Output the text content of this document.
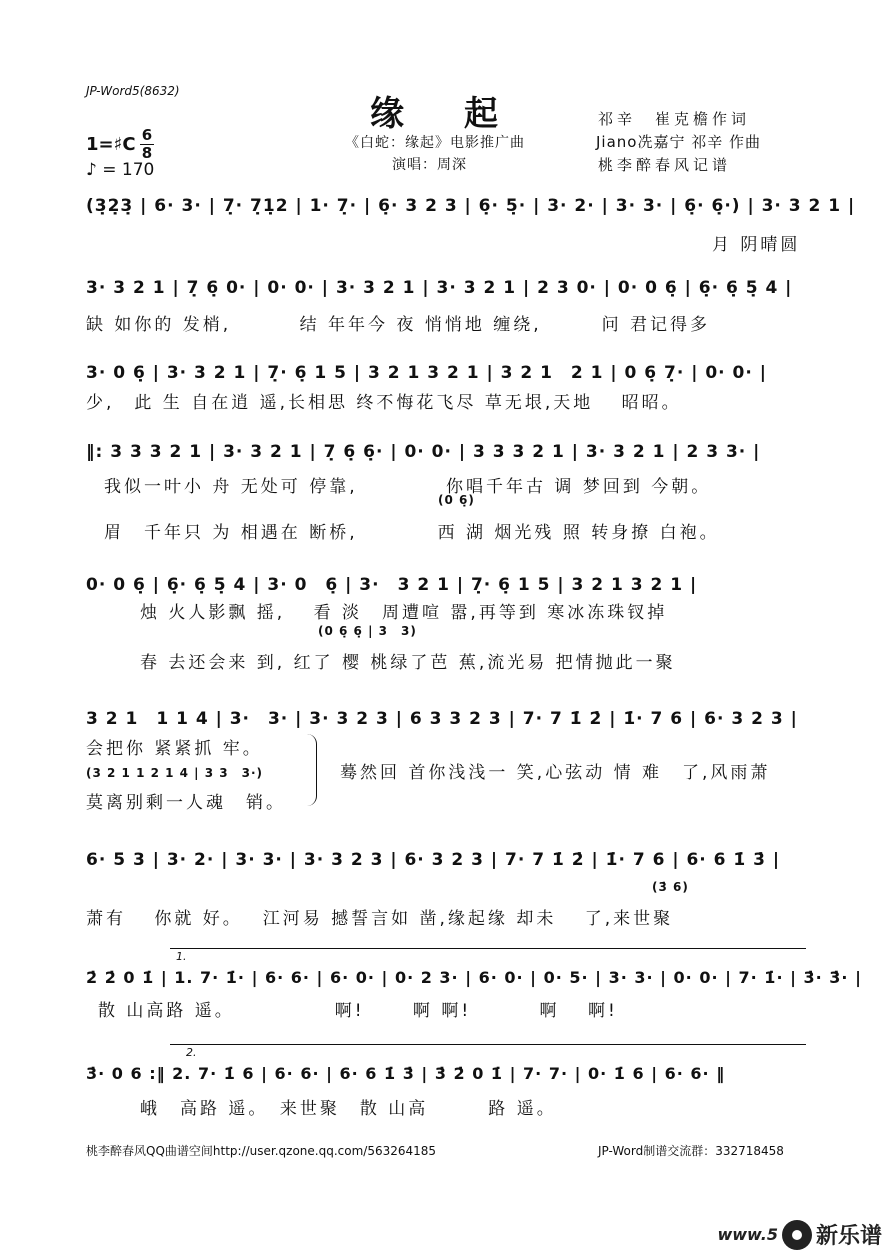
JP-Word5(8632)
缘起
《白蛇：缘起》电影推广曲
演唱：周深
祁辛　崔克檐作词
Jiano冼嘉宁 祁辛 作曲
桃李醉春风记谱
1=♯C 6
8
♪ = 170
(3̣2̣3̣ | 6· 3· | 7̣· 7̣1̣2 | 1· 7̣· | 6̣· 3 2 3 | 6̣· 5̣· | 3· 2· | 3· 3· | 6̣· 6̣·) | 3· 3 2 1 |
月 阴晴圆
3· 3 2 1 | 7̣ 6̣ 0· | 0· 0· | 3· 3 2 1 | 3· 3 2 1 | 2 3 0· | 0· 0 6̣ | 6̣· 6̣ 5̣ 4 |
缺 如你的 发梢,　　　 结 年年今 夜 悄悄地 缠绕,　　　问 君记得多
3· 0 6̣ | 3· 3 2 1 | 7̣· 6̣ 1 5 | 3 2 1 3 2 1 | 3 2 1　2 1 | 0 6̣ 7̣· | 0· 0· |
少,　此 生 自在逍 遥,长相思 终不悔花飞尽 草无垠,天地　 昭昭。
‖: 3 3 3 2 1 | 3· 3 2 1 | 7̣ 6̣ 6̣· | 0· 0· | 3 3 3 2 1 | 3· 3 2 1 | 2 3 3· |
我似一叶小 舟 无处可 停靠,　　　　 你唱千年古 调 梦回到 今朝。
(0 6̣)
眉　千年只 为 相遇在 断桥,　　　　西 湖 烟光残 照 转身撩 白袍。
0· 0 6̣ | 6̣· 6̣ 5̣ 4 | 3· 0　6̣ | 3·　3 2 1 | 7̣· 6̣ 1 5 | 3 2 1 3 2 1 |
烛 火人影飘 摇,　 看 淡　周遭喧 嚣,再等到 寒冰冻珠钗掉
(0 6̣ 6̣ | 3　3)
春 去还会来 到, 红了 樱 桃绿了芭 蕉,流光易 把情抛此一聚
3 2 1　1 1 4 | 3·　3· | 3· 3 2 3 | 6 3 3 2 3 | 7· 7 1̇ 2̇ | 1̇· 7 6 | 6· 3 2 3 |
会把你 紧紧抓 牢。
(3 2 1 1 2 1 4 | 3 3　3·)
莫离别剩一人魂　销。
蓦然回 首你浅浅一 笑,心弦动 情 难　了,风雨萧
6· 5 3 | 3· 2· | 3· 3· | 3· 3 2 3 | 6· 3 2 3 | 7· 7 1̇ 2̇ | 1̇· 7 6 | 6· 6 1̇ 3̇ |
(3̇ 6)
萧有　 你就 好。　 江河易 撼誓言如 凿,缘起缘 却未　 了,来世聚
1.
2̇ 2̇ 0 1̇ | 1. 7· 1̇· | 6· 6· | 6· 0· | 0· 2 3· | 6· 0· | 0· 5· | 3· 3· | 0· 0· | 7· 1̇· | 3̇· 3̇· |
散 山高路 遥。　　　　　 啊!　　 啊 啊!　　　 啊　 啊!
2.
3̇· 0 6 :‖ 2. 7· 1̇ 6 | 6· 6· | 6· 6 1̇ 3̇ | 3̇ 2̇ 0 1̇ | 7· 7· | 0· 1̇ 6 | 6· 6· ‖
峨　高路 遥。　来世聚　散 山高　　　路 遥。
桃李醉春风QQ曲谱空间http://user.qzone.qq.com/563264185	JP-Word制谱交流群：332718458
www.5 新乐谱
